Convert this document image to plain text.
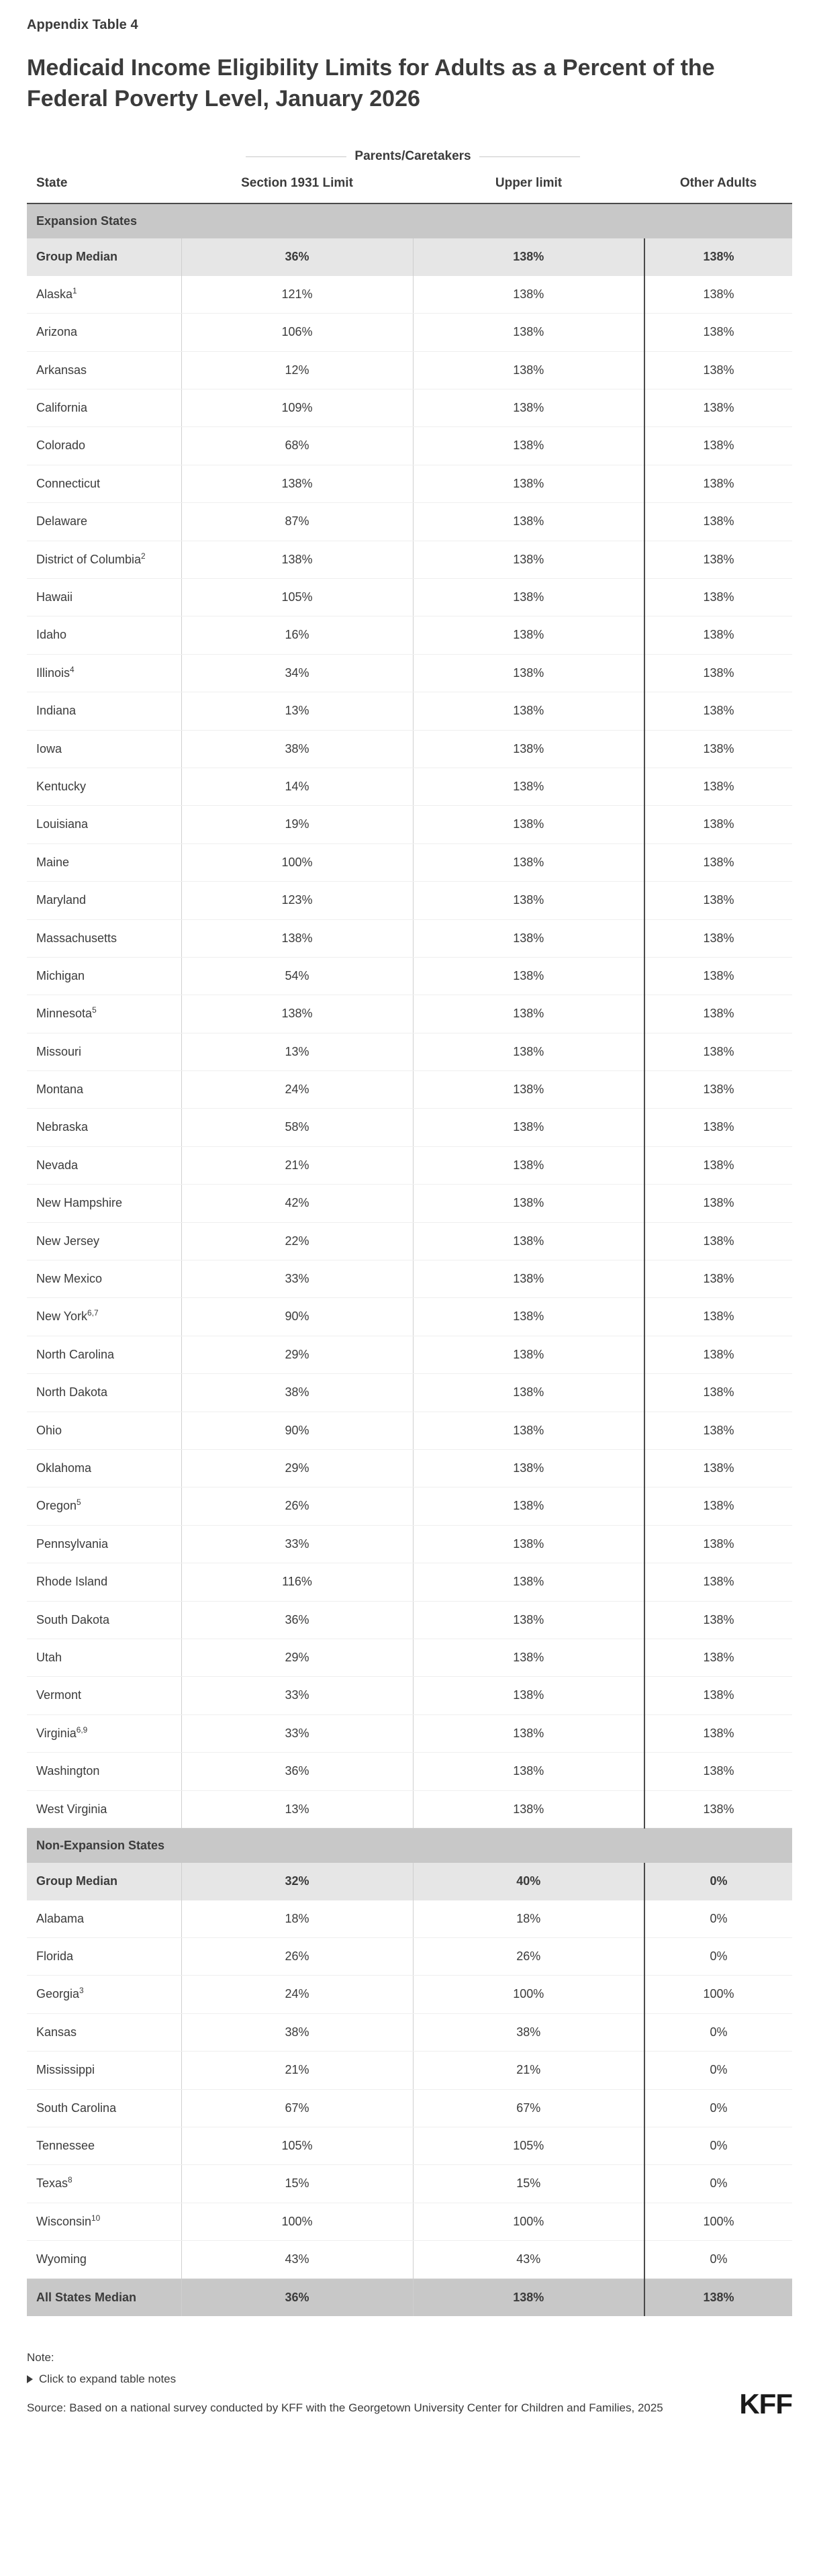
Appendix Table 4
Medicaid Income Eligibility Limits for Adults as a Percent of the Federal Poverty Level, January 2026
Parents/Caretakers
State	Section 1931 Limit	Upper limit	Other Adults
Expansion States			
Group Median	36%	138%	138%
Alaska$^1$	121%	138%	138%
Arizona	106%	138%	138%
Arkansas	12%	138%	138%
California	109%	138%	138%
Colorado	68%	138%	138%
Connecticut	138%	138%	138%
Delaware	87%	138%	138%
District of Columbia$^2$	138%	138%	138%
Hawaii	105%	138%	138%
Idaho	16%	138%	138%
Illinois$^4$	34%	138%	138%
Indiana	13%	138%	138%
Iowa	38%	138%	138%
Kentucky	14%	138%	138%
Louisiana	19%	138%	138%
Maine	100%	138%	138%
Maryland	123%	138%	138%
Massachusetts	138%	138%	138%
Michigan	54%	138%	138%
Minnesota$^5$	138%	138%	138%
Missouri	13%	138%	138%
Montana	24%	138%	138%
Nebraska	58%	138%	138%
Nevada	21%	138%	138%
New Hampshire	42%	138%	138%
New Jersey	22%	138%	138%
New Mexico	33%	138%	138%
New York$^{6,7}$	90%	138%	138%
North Carolina	29%	138%	138%
North Dakota	38%	138%	138%
Ohio	90%	138%	138%
Oklahoma	29%	138%	138%
Oregon$^5$	26%	138%	138%
Pennsylvania	33%	138%	138%
Rhode Island	116%	138%	138%
South Dakota	36%	138%	138%
Utah	29%	138%	138%
Vermont	33%	138%	138%
Virginia$^{6,9}$	33%	138%	138%
Washington	36%	138%	138%
West Virginia	13%	138%	138%
Non-Expansion States			
Group Median	32%	40%	0%
Alabama	18%	18%	0%
Florida	26%	26%	0%
Georgia$^3$	24%	100%	100%
Kansas	38%	38%	0%
Mississippi	21%	21%	0%
South Carolina	67%	67%	0%
Tennessee	105%	105%	0%
Texas$^8$	15%	15%	0%
Wisconsin$^{10}$	100%	100%	100%
Wyoming	43%	43%	0%
All States Median	36%	138%	138%

Note:

Click to expand table notes

Source: Based on a national survey conducted by KFF with the Georgetown University Center for Children and Families, 2025	KFF
